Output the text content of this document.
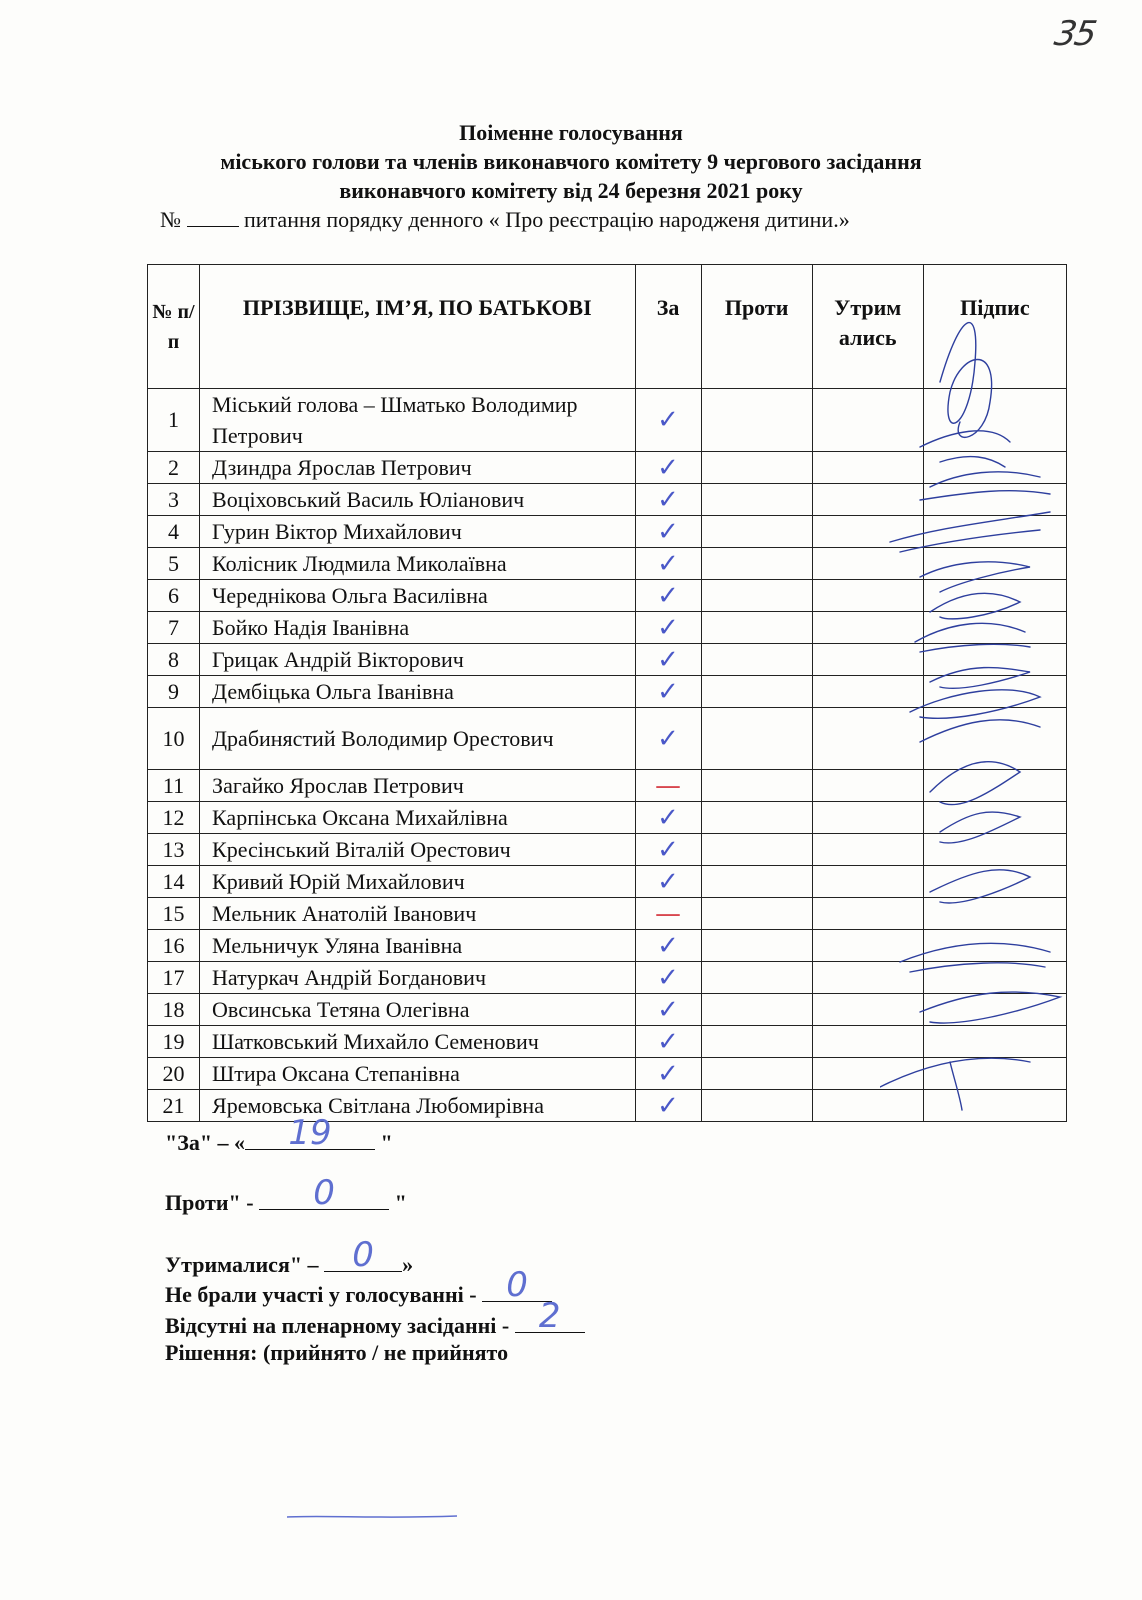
35
Поіменне голосування
міського голови та членів виконавчого комітету 9 чергового засідання
виконавчого комітету від 24 березня 2021 року
№	питання порядку денного « Про реєстрацію народженя дитини.»
№ п/п	ПРІЗВИЩЕ, ІМ’Я, ПО БАТЬКОВІ	За	Проти	Утрим ались	Підпис
1	Міський голова – Шматько Володимир Петрович	✓			
2	Дзиндра Ярослав Петрович	✓			
3	Воціховський Василь Юліанович	✓			
4	Гурин Віктор Михайлович	✓			
5	Колісник Людмила Миколаївна	✓			
6	Череднікова Ольга Василівна	✓			
7	Бойко Надія Іванівна	✓			
8	Грицак Андрій Вікторович	✓			
9	Дембіцька Ольга Іванівна	✓			
10	Драбинястий Володимир Орестович	✓			
11	Загайко Ярослав Петрович	—			
12	Карпінська Оксана Михайлівна	✓			
13	Кресінський Віталій Орестович	✓			
14	Кривий Юрій Михайлович	✓			
15	Мельник Анатолій Іванович	—			
16	Мельничук Уляна Іванівна	✓			
17	Натуркач Андрій Богданович	✓			
18	Овсинська Тетяна Олегівна	✓			
19	Шатковський Михайло Семенович	✓			
20	Штира Оксана Степанівна	✓			
21	Яремовська Світлана Любомирівна	✓			
"За" – « 19 "
Проти" - 0 "
Утрималися" – 0 »
Не брали участі у голосуванні - 0
Відсутні на пленарному засіданні - 2
Рішення: (прийнято / не прийнято
